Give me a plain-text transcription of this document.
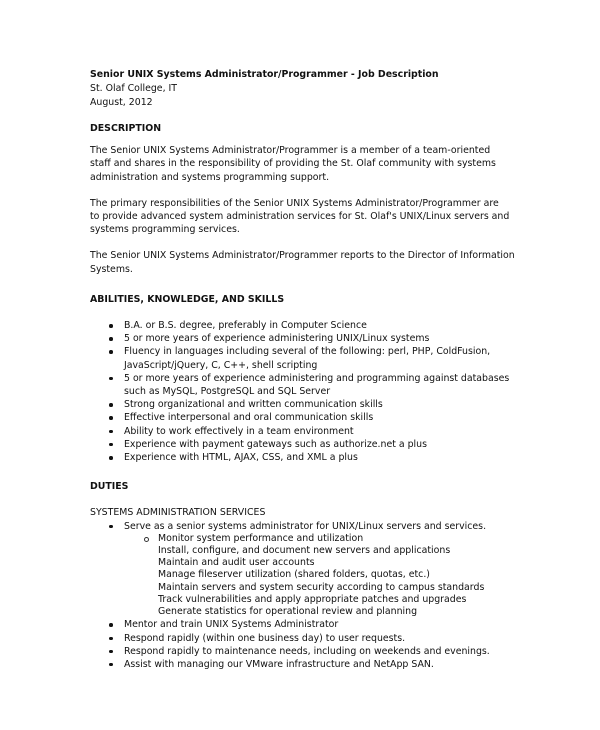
Senior UNIX Systems Administrator/Programmer - Job Description
St. Olaf College, IT
August, 2012
DESCRIPTION
The Senior UNIX Systems Administrator/Programmer is a member of a team-oriented
staff and shares in the responsibility of providing the St. Olaf community with systems
administration and systems programming support.
The primary responsibilities of the Senior UNIX Systems Administrator/Programmer are
to provide advanced system administration services for St. Olaf's UNIX/Linux servers and
systems programming services.
The Senior UNIX Systems Administrator/Programmer reports to the Director of Information
Systems.
ABILITIES, KNOWLEDGE, AND SKILLS
B.A. or B.S. degree, preferably in Computer Science
5 or more years of experience administering UNIX/Linux systems
Fluency in languages including several of the following: perl, PHP, ColdFusion,
JavaScript/jQuery, C, C++, shell scripting
5 or more years of experience administering and programming against databases
such as MySQL, PostgreSQL and SQL Server
Strong organizational and written communication skills
Effective interpersonal and oral communication skills
Ability to work effectively in a team environment
Experience with payment gateways such as authorize.net a plus
Experience with HTML, AJAX, CSS, and XML a plus
DUTIES
SYSTEMS ADMINISTRATION SERVICES
Serve as a senior systems administrator for UNIX/Linux servers and services.
Monitor system performance and utilization
Install, configure, and document new servers and applications
Maintain and audit user accounts
Manage fileserver utilization (shared folders, quotas, etc.)
Maintain servers and system security according to campus standards
Track vulnerabilities and apply appropriate patches and upgrades
Generate statistics for operational review and planning
Mentor and train UNIX Systems Administrator
Respond rapidly (within one business day) to user requests.
Respond rapidly to maintenance needs, including on weekends and evenings.
Assist with managing our VMware infrastructure and NetApp SAN.
